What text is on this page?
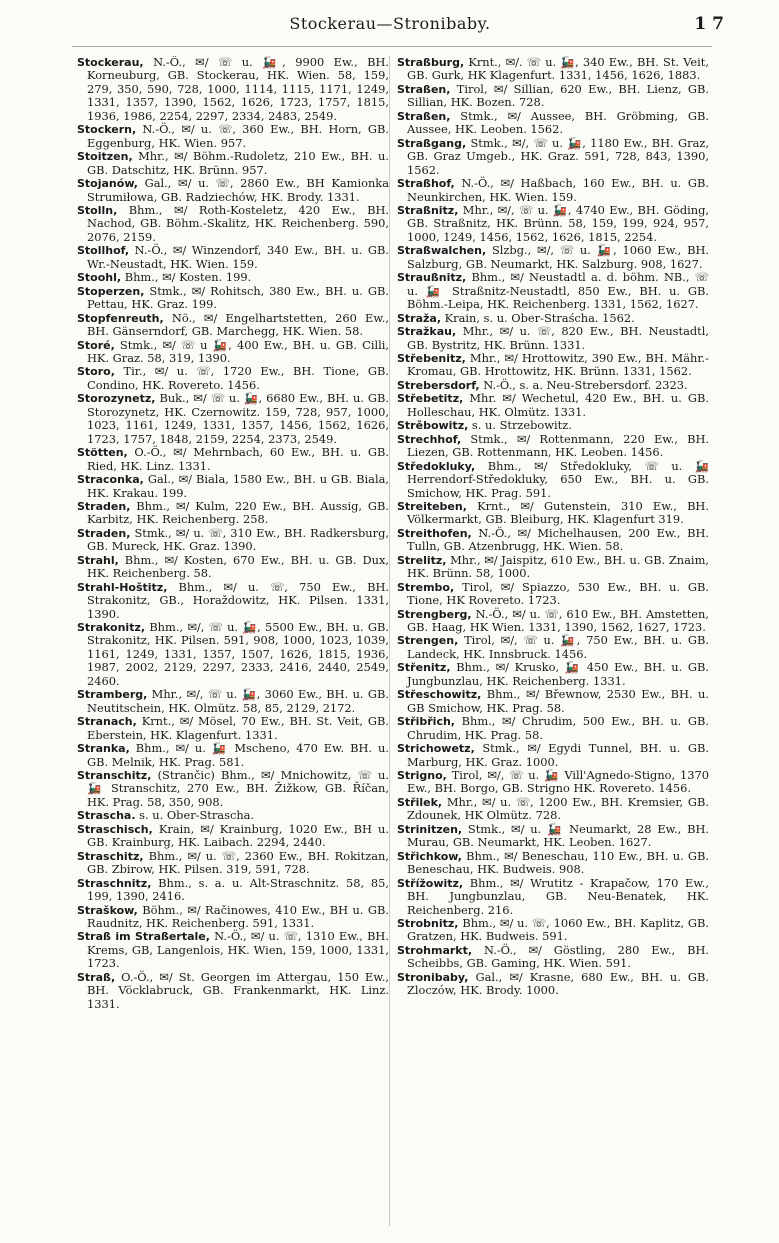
Stockerau—Stronibaby.	1 7

Stockerau, N.-Ö., ✉/ ☏ u. 🚂, 9900 Ew., BH. Korneuburg, GB. Stockerau, HK. Wien. 58, 159, 279, 350, 590, 728, 1000, 1114, 1115, 1171, 1249, 1331, 1357, 1390, 1562, 1626, 1723, 1757, 1815, 1936, 1986, 2254, 2297, 2334, 2483, 2549.

Stockern, N.-Ö., ✉/ u. ☏, 360 Ew., BH. Horn, GB. Eggenburg, HK. Wien. 957.

Stoitzen, Mhr., ✉/ Böhm.-Rudoletz, 210 Ew., BH. u. GB. Datschitz, HK. Brünn. 957.

Stojanów, Gal., ✉/ u. ☏, 2860 Ew., BH Kamionka Strumiłowa, GB. Radziechów, HK. Brody. 1331.

Stolln, Bhm., ✉/ Roth-Kosteletz, 420 Ew., BH. Nachod, GB. Böhm.-Skalitz, HK. Reichenberg. 590, 2076, 2159.

Stollhof, N.-Ö., ✉/ Winzendorf, 340 Ew., BH. u. GB. Wr.-Neustadt, HK. Wien. 159.

Stoohl, Bhm., ✉/ Kosten. 199.

Stoperzen, Stmk., ✉/ Rohitsch, 380 Ew., BH. u. GB. Pettau, HK. Graz. 199.

Stopfenreuth, Nö., ✉/ Engelhartstetten, 260 Ew., BH. Gänserndorf, GB. Marchegg, HK. Wien. 58.

Storé, Stmk., ✉/ ☏ u 🚂, 400 Ew., BH. u. GB. Cilli, HK. Graz. 58, 319, 1390.

Storo, Tir., ✉/ u. ☏, 1720 Ew., BH. Tione, GB. Condino, HK. Rovereto. 1456.

Storozynetz, Buk., ✉/ ☏ u. 🚂, 6680 Ew., BH. u. GB. Storozynetz, HK. Czernowitz. 159, 728, 957, 1000, 1023, 1161, 1249, 1331, 1357, 1456, 1562, 1626, 1723, 1757, 1848, 2159, 2254, 2373, 2549.

Stötten, O.-Ö., ✉/ Mehrnbach, 60 Ew., BH. u. GB. Ried, HK. Linz. 1331.

Straconka, Gal., ✉/ Biala, 1580 Ew., BH. u GB. Biala, HK. Krakau. 199.

Straden, Bhm., ✉/ Kulm, 220 Ew., BH. Aussig, GB. Karbitz, HK. Reichenberg. 258.

Straden, Stmk., ✉/ u. ☏, 310 Ew., BH. Radkersburg, GB. Mureck, HK. Graz. 1390.

Strahl, Bhm., ✉/ Kosten, 670 Ew., BH. u. GB. Dux, HK. Reichenberg. 58.

Strahl-Hoštitz, Bhm., ✉/ u. ☏, 750 Ew., BH. Strakonitz, GB., Horaždowitz, HK. Pilsen. 1331, 1390.

Strakonitz, Bhm., ✉/, ☏ u. 🚂, 5500 Ew., BH. u. GB. Strakonitz, HK. Pilsen. 591, 908, 1000, 1023, 1039, 1161, 1249, 1331, 1357, 1507, 1626, 1815, 1936, 1987, 2002, 2129, 2297, 2333, 2416, 2440, 2549, 2460.

Stramberg, Mhr., ✉/, ☏ u. 🚂, 3060 Ew., BH. u. GB. Neutitschein, HK. Olmütz. 58, 85, 2129, 2172.

Stranach, Krnt., ✉/ Mösel, 70 Ew., BH. St. Veit, GB. Eberstein, HK. Klagenfurt. 1331.

Stranka, Bhm., ✉/ u. 🚂 Mscheno, 470 Ew. BH. u. GB. Melnik, HK. Prag. 581.

Stranschitz, (Strančic) Bhm., ✉/ Mnichowitz, ☏ u. 🚂 Stranschitz, 270 Ew., BH. Žižkow, GB. Říčan, HK. Prag. 58, 350, 908.

Strascha. s. u. Ober-Strascha.

Straschisch, Krain, ✉/ Krainburg, 1020 Ew., BH u. GB. Krainburg, HK. Laibach. 2294, 2440.

Straschitz, Bhm., ✉/ u. ☏, 2360 Ew., BH. Rokitzan, GB. Zbirow, HK. Pilsen. 319, 591, 728.

Straschnitz, Bhm., s. a. u. Alt-Straschnitz. 58, 85, 199, 1390, 2416.

Straškow, Böhm., ✉/ Račinowes, 410 Ew., BH u. GB. Raudnitz, HK. Reichenberg. 591, 1331.

Straß im Straßertale, N.-Ö., ✉/ u. ☏, 1310 Ew., BH. Krems, GB, Langenlois, HK. Wien, 159, 1000, 1331, 1723.

Straß, O.-Ö., ✉/ St. Georgen im Attergau, 150 Ew., BH. Vöcklabruck, GB. Frankenmarkt, HK. Linz. 1331.

Straßburg, Krnt., ✉/. ☏ u. 🚂, 340 Ew., BH. St. Veit, GB. Gurk, HK Klagenfurt. 1331, 1456, 1626, 1883.

Straßen, Tirol, ✉/ Sillian, 620 Ew., BH. Lienz, GB. Sillian, HK. Bozen. 728.

Straßen, Stmk., ✉/ Aussee, BH. Gröbming, GB. Aussee, HK. Leoben. 1562.

Straßgang, Stmk., ✉/, ☏ u. 🚂, 1180 Ew., BH. Graz, GB. Graz Umgeb., HK. Graz. 591, 728, 843, 1390, 1562.

Straßhof, N.-Ö., ✉/ Haßbach, 160 Ew., BH. u. GB. Neunkirchen, HK. Wien. 159.

Straßnitz, Mhr., ✉/, ☏ u. 🚂, 4740 Ew., BH. Göding, GB. Straßnitz, HK. Brünn. 58, 159, 199, 924, 957, 1000, 1249, 1456, 1562, 1626, 1815, 2254.

Straßwalchen, Slzbg., ✉/, ☏ u. 🚂, 1060 Ew., BH. Salzburg, GB. Neumarkt, HK. Salzburg. 908, 1627.

Straußnitz, Bhm., ✉/ Neustadtl a. d. böhm. NB., ☏ u. 🚂 Straßnitz-Neustadtl, 850 Ew., BH. u. GB. Böhm.-Leipa, HK. Reichenberg. 1331, 1562, 1627.

Straža, Krain, s. u. Ober-Straścha. 1562.

Stražkau, Mhr., ✉/ u. ☏, 820 Ew., BH. Neustadtl, GB. Bystritz, HK. Brünn. 1331.

Střebenitz, Mhr., ✉/ Hrottowitz, 390 Ew., BH. Mähr.-Kromau, GB. Hrottowitz, HK. Brünn. 1331, 1562.

Strebersdorf, N.-Ö., s. a. Neu-Strebersdorf. 2323.

Střebetitz, Mhr. ✉/ Wechetul, 420 Ew., BH. u. GB. Holleschau, HK. Olmütz. 1331.

Strěbowitz, s. u. Strzebowitz.

Strechhof, Stmk., ✉/ Rottenmann, 220 Ew., BH. Liezen, GB. Rottenmann, HK. Leoben. 1456.

Středokluky, Bhm., ✉/ Středokluky, ☏ u. 🚂 Herrendorf-Středokluky, 650 Ew., BH. u. GB. Smichow, HK. Prag. 591.

Streiteben, Krnt., ✉/ Gutenstein, 310 Ew., BH. Völkermarkt, GB. Bleiburg, HK. Klagenfurt 319.

Streithofen, N.-Ö., ✉/ Michelhausen, 200 Ew., BH. Tulln, GB. Atzenbrugg, HK. Wien. 58.

Strelitz, Mhr., ✉/ Jaispitz, 610 Ew., BH. u. GB. Znaim, HK. Brünn. 58, 1000.

Strembo, Tirol, ✉/ Spiazzo, 530 Ew., BH. u. GB. Tione, HK Rovereto. 1723.

Strengberg, N.-Ö., ✉/ u. ☏, 610 Ew., BH. Amstetten, GB. Haag, HK Wien. 1331, 1390, 1562, 1627, 1723.

Strengen, Tirol, ✉/, ☏ u. 🚂, 750 Ew., BH. u. GB. Landeck, HK. Innsbruck. 1456.

Střenitz, Bhm., ✉/ Krusko, 🚂 450 Ew., BH. u. GB. Jungbunzlau, HK. Reichenberg. 1331.

Střeschowitz, Bhm., ✉/ Břewnow, 2530 Ew., BH. u. GB Smichow, HK. Prag. 58.

Střibřich, Bhm., ✉/ Chrudim, 500 Ew., BH. u. GB. Chrudim, HK. Prag. 58.

Strichowetz, Stmk., ✉/ Egydi Tunnel, BH. u. GB. Marburg, HK. Graz. 1000.

Strigno, Tirol, ✉/, ☏ u. 🚂 Vill'Agnedo-Stigno, 1370 Ew., BH. Borgo, GB. Strigno HK. Rovereto. 1456.

Střilek, Mhr., ✉/ u. ☏, 1200 Ew., BH. Kremsier, GB. Zdounek, HK Olmütz. 728.

Strinitzen, Stmk., ✉/ u. 🚂 Neumarkt, 28 Ew., BH. Murau, GB. Neumarkt, HK. Leoben. 1627.

Střichkow, Bhm., ✉/ Beneschau, 110 Ew., BH. u. GB. Beneschau, HK. Budweis. 908.

Střížowitz, Bhm., ✉/ Wrutitz - Krapačow, 170 Ew., BH. Jungbunzlau, GB. Neu-Benatek, HK. Reichenberg. 216.

Strobnitz, Bhm., ✉/ u. ☏, 1060 Ew., BH. Kaplitz, GB. Gratzen, HK. Budweis. 591.

Strohmarkt, N.-Ö., ✉/ Göstling, 280 Ew., BH. Scheibbs, GB. Gaming, HK. Wien. 591.

Stronibaby, Gal., ✉/ Krasne, 680 Ew., BH. u. GB. Zloczów, HK. Brody. 1000.
